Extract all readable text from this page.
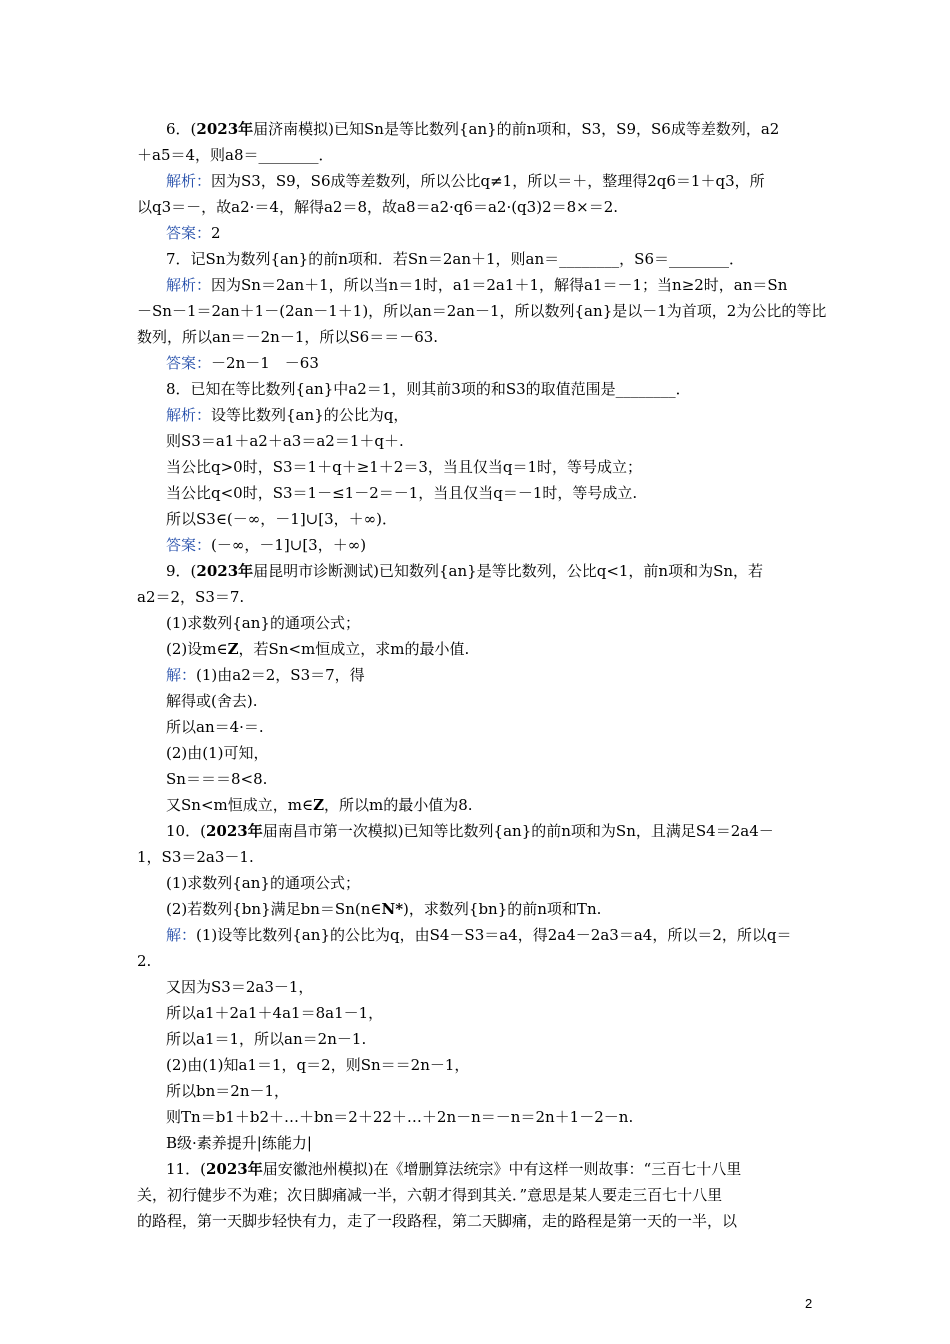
6．(2023年届济南模拟)已知Sn是等比数列{an}的前n项和，S3，S9，S6成等差数列，a2
＋a5＝4，则a8＝________．
解析：因为S3，S9，S6成等差数列，所以公比q≠1，所以＝＋，整理得2q6＝1＋q3，所
以q3＝－，故a2·＝4，解得a2＝8，故a8＝a2·q6＝a2·(q3)2＝8×＝2.
答案：2
7．记Sn为数列{an}的前n项和．若Sn＝2an＋1，则an＝________，S6＝________．
解析：因为Sn＝2an＋1，所以当n＝1时，a1＝2a1＋1，解得a1＝－1；当n≥2时，an＝Sn
－Sn－1＝2an＋1－(2an－1＋1)，所以an＝2an－1，所以数列{an}是以－1为首项，2为公比的等比
数列，所以an＝－2n－1，所以S6＝＝－63.
答案：－2n－1　－63
8．已知在等比数列{an}中a2＝1，则其前3项的和S3的取值范围是________．
解析：设等比数列{an}的公比为q，
则S3＝a1＋a2＋a3＝a2＝1＋q＋.
当公比q>0时，S3＝1＋q＋≥1＋2＝3，当且仅当q＝1时，等号成立；
当公比q<0时，S3＝1－≤1－2＝－1，当且仅当q＝－1时，等号成立.
所以S3∈(－∞，－1]∪[3，＋∞)．
答案：(－∞，－1]∪[3，＋∞)
9．(2023年届昆明市诊断测试)已知数列{an}是等比数列，公比q<1，前n项和为Sn，若
a2＝2，S3＝7.
(1)求数列{an}的通项公式；
(2)设m∈Z，若Sn<m恒成立，求m的最小值.
解：(1)由a2＝2，S3＝7，得
解得或(舍去).
所以an＝4·＝.
(2)由(1)可知，
Sn＝＝＝8<8.
又Sn<m恒成立，m∈Z，所以m的最小值为8.
10．(2023年届南昌市第一次模拟)已知等比数列{an}的前n项和为Sn，且满足S4＝2a4－
1，S3＝2a3－1.
(1)求数列{an}的通项公式；
(2)若数列{bn}满足bn＝Sn(n∈N*)，求数列{bn}的前n项和Tn.
解：(1)设等比数列{an}的公比为q，由S4－S3＝a4，得2a4－2a3＝a4，所以＝2，所以q＝
2.
又因为S3＝2a3－1，
所以a1＋2a1＋4a1＝8a1－1，
所以a1＝1，所以an＝2n－1.
(2)由(1)知a1＝1，q＝2，则Sn＝＝2n－1，
所以bn＝2n－1，
则Tn＝b1＋b2＋…＋bn＝2＋22＋…＋2n－n＝－n＝2n＋1－2－n.
B级·素养提升|练能力|
11．(2023年届安徽池州模拟)在《增删算法统宗》中有这样一则故事：“三百七十八里
关，初行健步不为难；次日脚痛减一半，六朝才得到其关．”意思是某人要走三百七十八里
的路程，第一天脚步轻快有力，走了一段路程，第二天脚痛，走的路程是第一天的一半，以
2
